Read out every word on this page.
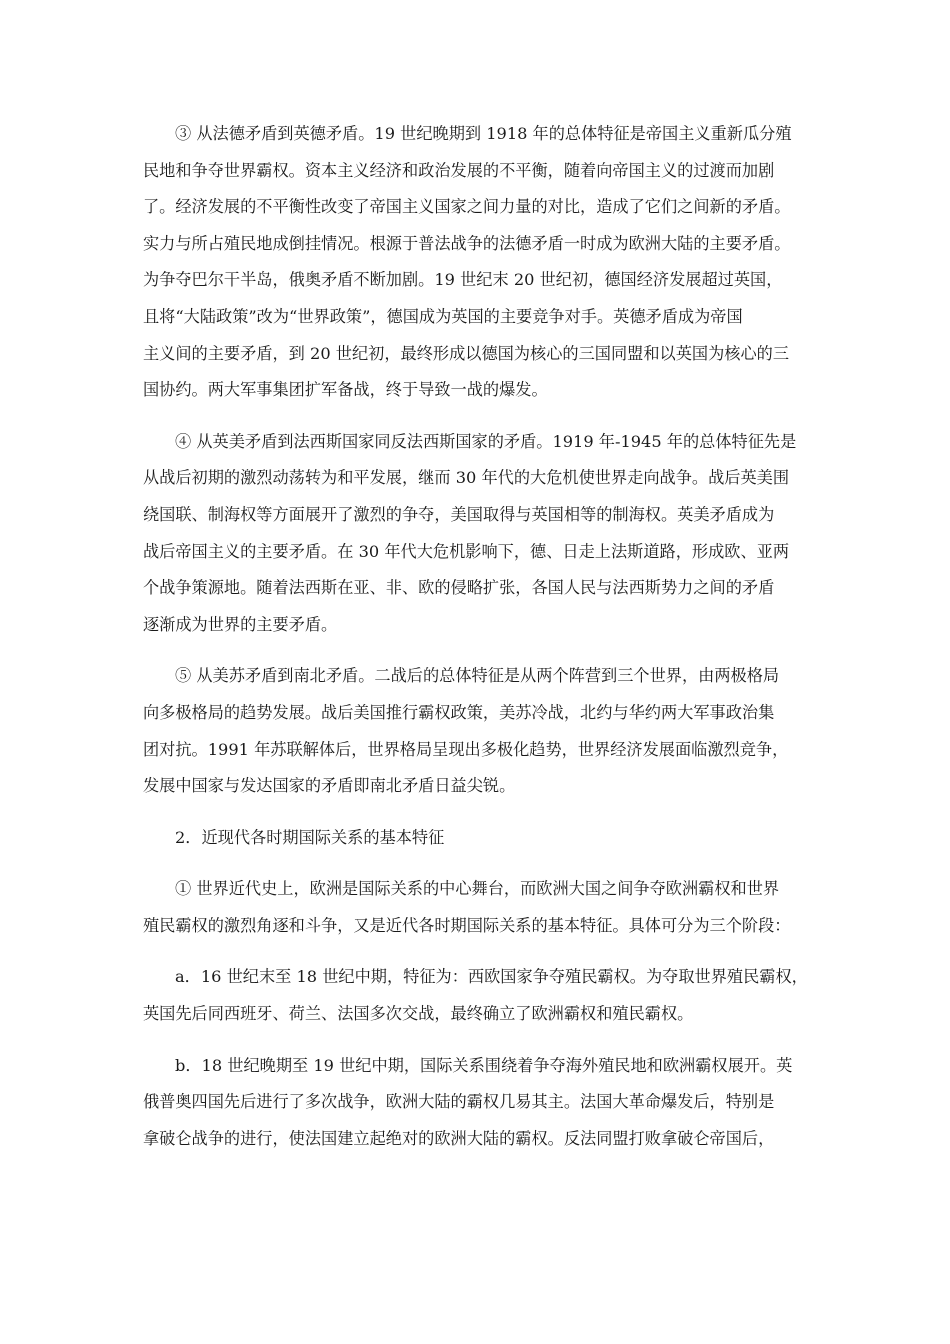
③ 从法德矛盾到英德矛盾。19 世纪晚期到 1918 年的总体特征是帝国主义重新瓜分殖
民地和争夺世界霸权。资本主义经济和政治发展的不平衡，随着向帝国主义的过渡而加剧
了。经济发展的不平衡性改变了帝国主义国家之间力量的对比，造成了它们之间新的矛盾。
实力与所占殖民地成倒挂情况。根源于普法战争的法德矛盾一时成为欧洲大陆的主要矛盾。
为争夺巴尔干半岛，俄奥矛盾不断加剧。19 世纪末 20 世纪初，德国经济发展超过英国，
且将“大陆政策”改为“世界政策”，德国成为英国的主要竞争对手。英德矛盾成为帝国
主义间的主要矛盾，到 20 世纪初，最终形成以德国为核心的三国同盟和以英国为核心的三
国协约。两大军事集团扩军备战，终于导致一战的爆发。

④ 从英美矛盾到法西斯国家同反法西斯国家的矛盾。1919 年-1945 年的总体特征先是
从战后初期的激烈动荡转为和平发展，继而 30 年代的大危机使世界走向战争。战后英美围
绕国联、制海权等方面展开了激烈的争夺，美国取得与英国相等的制海权。英美矛盾成为
战后帝国主义的主要矛盾。在 30 年代大危机影响下，德、日走上法斯道路，形成欧、亚两
个战争策源地。随着法西斯在亚、非、欧的侵略扩张，各国人民与法西斯势力之间的矛盾
逐渐成为世界的主要矛盾。

⑤ 从美苏矛盾到南北矛盾。二战后的总体特征是从两个阵营到三个世界，由两极格局
向多极格局的趋势发展。战后美国推行霸权政策，美苏冷战，北约与华约两大军事政治集
团对抗。1991 年苏联解体后，世界格局呈现出多极化趋势，世界经济发展面临激烈竞争，
发展中国家与发达国家的矛盾即南北矛盾日益尖锐。

2．近现代各时期国际关系的基本特征

① 世界近代史上，欧洲是国际关系的中心舞台，而欧洲大国之间争夺欧洲霸权和世界
殖民霸权的激烈角逐和斗争，又是近代各时期国际关系的基本特征。具体可分为三个阶段：

a．16 世纪末至 18 世纪中期，特征为：西欧国家争夺殖民霸权。为夺取世界殖民霸权，
英国先后同西班牙、荷兰、法国多次交战，最终确立了欧洲霸权和殖民霸权。

b．18 世纪晚期至 19 世纪中期，国际关系围绕着争夺海外殖民地和欧洲霸权展开。英
俄普奥四国先后进行了多次战争，欧洲大陆的霸权几易其主。法国大革命爆发后，特别是
拿破仑战争的进行，使法国建立起绝对的欧洲大陆的霸权。反法同盟打败拿破仑帝国后，
